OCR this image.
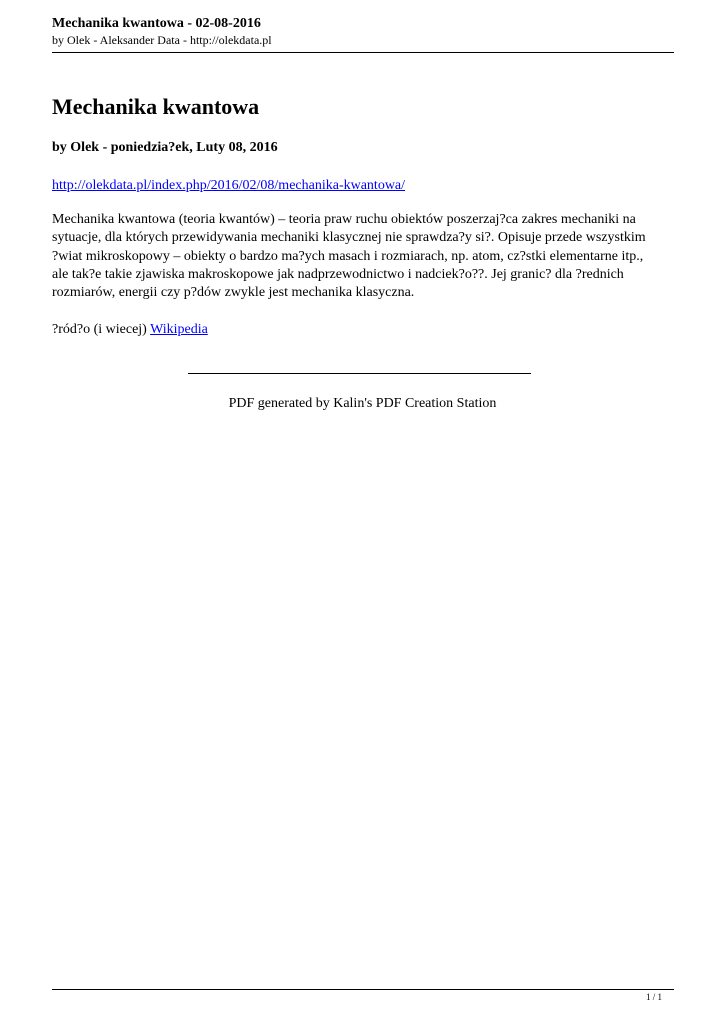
Mechanika kwantowa - 02-08-2016

by Olek - Aleksander Data - http://olekdata.pl

Mechanika kwantowa

by Olek - poniedzia?ek, Luty 08, 2016

http://olekdata.pl/index.php/2016/02/08/mechanika-kwantowa/
Mechanika kwantowa (teoria kwantów) – teoria praw ruchu obiektów poszerzaj?ca zakres mechaniki na
sytuacje, dla których przewidywania mechaniki klasycznej nie sprawdza?y si?. Opisuje przede wszystkim
?wiat mikroskopowy – obiekty o bardzo ma?ych masach i rozmiarach, np. atom, cz?stki elementarne itp.,
ale tak?e takie zjawiska makroskopowe jak nadprzewodnictwo i nadciek?o??. Jej granic? dla ?rednich
rozmiarów, energii czy p?dów zwykle jest mechanika klasyczna.

?ród?o (i wiecej) Wikipedia

PDF generated by Kalin's PDF Creation Station

1 / 1
